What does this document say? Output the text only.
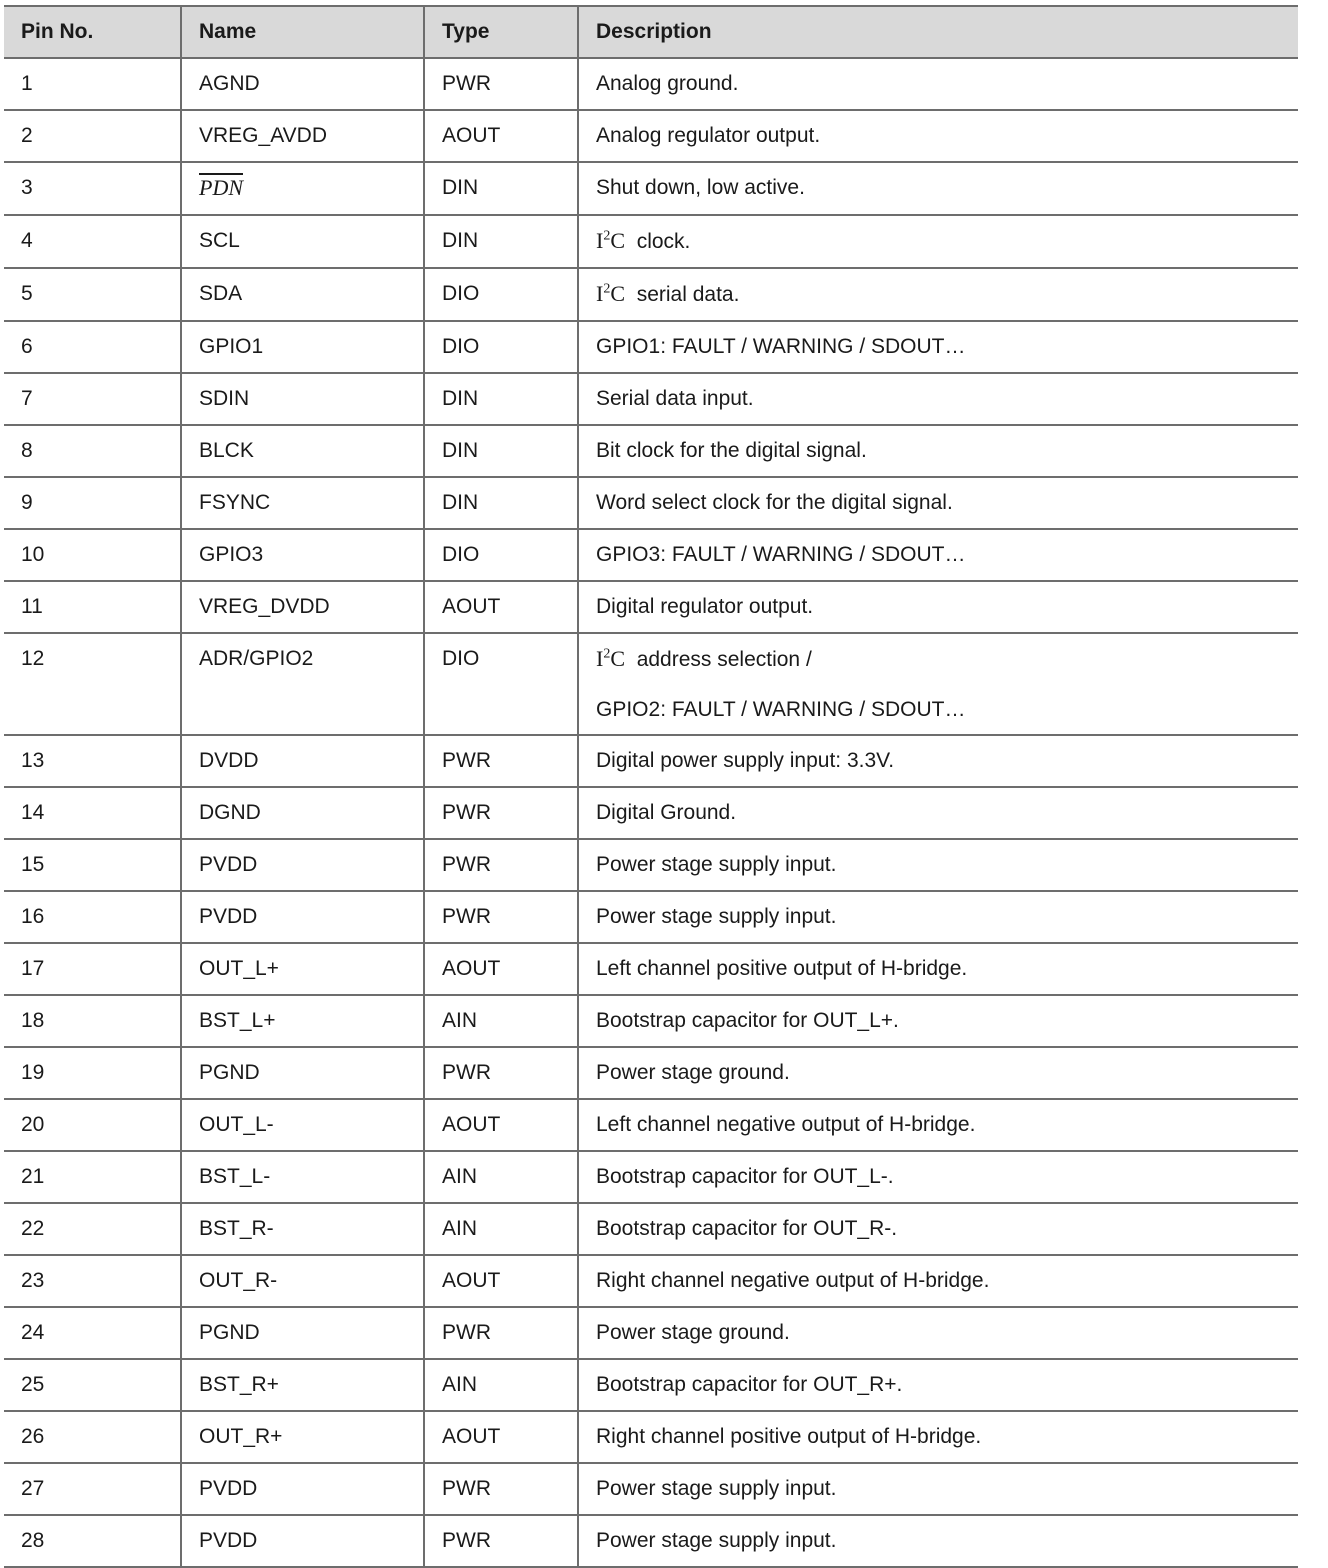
Pin No.	Name	Type	Description
1	AGND	PWR	Analog ground.
2	VREG_AVDD	AOUT	Analog regulator output.
3	$\overline{PDN}$	DIN	Shut down, low active.
4	SCL	DIN	$I^2C$ clock.
5	SDA	DIO	$I^2C$ serial data.
6	GPIO1	DIO	GPIO1: FAULT / WARNING / SDOUT…
7	SDIN	DIN	Serial data input.
8	BLCK	DIN	Bit clock for the digital signal.
9	FSYNC	DIN	Word select clock for the digital signal.
10	GPIO3	DIO	GPIO3: FAULT / WARNING / SDOUT…
11	VREG_DVDD	AOUT	Digital regulator output.
12	ADR/GPIO2	DIO	$I^2C$ address selection /
GPIO2: FAULT / WARNING / SDOUT…

13	DVDD	PWR	Digital power supply input: 3.3V.
14	DGND	PWR	Digital Ground.
15	PVDD	PWR	Power stage supply input.
16	PVDD	PWR	Power stage supply input.
17	OUT_L+	AOUT	Left channel positive output of H-bridge.
18	BST_L+	AIN	Bootstrap capacitor for OUT_L+.
19	PGND	PWR	Power stage ground.
20	OUT_L-	AOUT	Left channel negative output of H-bridge.
21	BST_L-	AIN	Bootstrap capacitor for OUT_L-.
22	BST_R-	AIN	Bootstrap capacitor for OUT_R-.
23	OUT_R-	AOUT	Right channel negative output of H-bridge.
24	PGND	PWR	Power stage ground.
25	BST_R+	AIN	Bootstrap capacitor for OUT_R+.
26	OUT_R+	AOUT	Right channel positive output of H-bridge.
27	PVDD	PWR	Power stage supply input.
28	PVDD	PWR	Power stage supply input.
